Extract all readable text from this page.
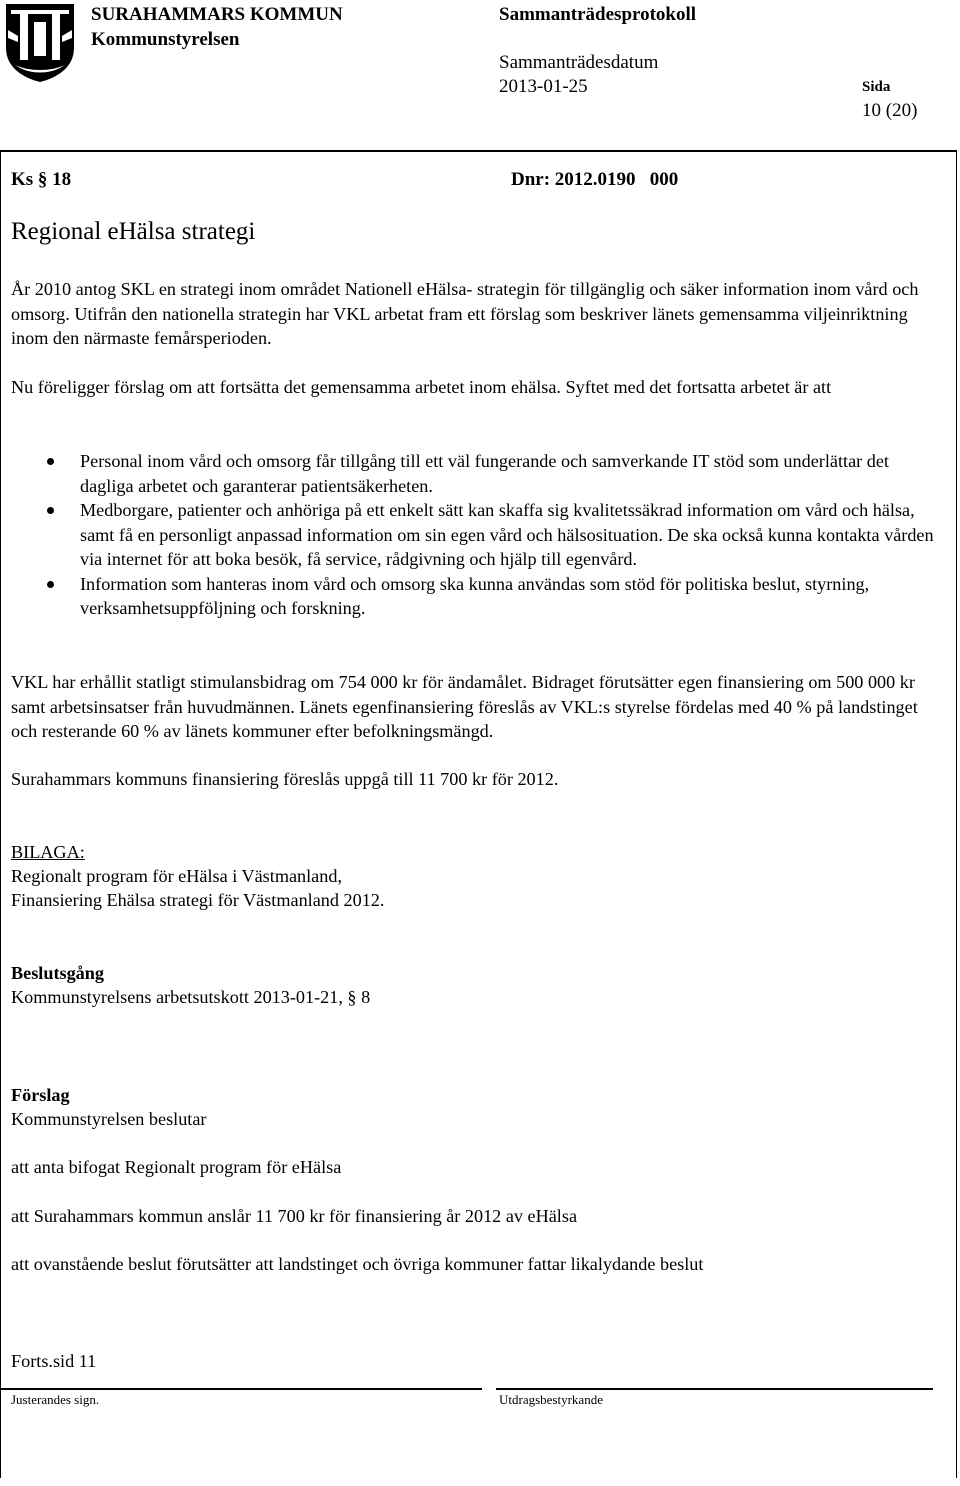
SURAHAMMARS KOMMUN
Kommunstyrelsen
Sammanträdesprotokoll
Sammanträdesdatum
2013-01-25	Sida
10 (20)
Ks § 18	Dnr: 2012.0190   000
Regional eHälsa strategi

År 2010 antog SKL en strategi inom området Nationell eHälsa- strategin för tillgänglig och säker information inom vård och omsorg. Utifrån den nationella strategin har VKL arbetat fram ett förslag som beskriver länets gemensamma viljeinriktning inom den närmaste femårsperioden.

Nu föreligger förslag om att fortsätta det gemensamma arbetet inom ehälsa. Syftet med det fortsatta arbetet är att

Personal inom vård och omsorg får tillgång till ett väl fungerande och samverkande IT stöd som underlättar det dagliga arbetet och garanterar patientsäkerheten.
Medborgare, patienter och anhöriga på ett enkelt sätt kan skaffa sig kvalitetssäkrad information om vård och hälsa, samt få en personligt anpassad information om sin egen vård och hälsosituation. De ska också kunna kontakta vården via internet för att boka besök, få service, rådgivning och hjälp till egenvård.
Information som hanteras inom vård och omsorg ska kunna användas som stöd för politiska beslut, styrning, verksamhetsuppföljning och forskning.

VKL har erhållit statligt stimulansbidrag om 754 000 kr för ändamålet. Bidraget förutsätter egen finansiering om 500 000 kr samt arbetsinsatser från huvudmännen. Länets egenfinansiering föreslås av VKL:s styrelse fördelas med 40 % på landstinget och resterande 60 % av länets kommuner efter befolkningsmängd.

Surahammars kommuns finansiering föreslås uppgå till 11 700 kr för 2012.

BILAGA:
Regionalt program för eHälsa i Västmanland,
Finansiering Ehälsa strategi för Västmanland 2012.
Beslutsgång
Kommunstyrelsens arbetsutskott 2013-01-21, § 8
Förslag
Kommunstyrelsen beslutar
att anta bifogat Regionalt program för eHälsa
att Surahammars kommun anslår 11 700 kr för finansiering år 2012 av eHälsa
att ovanstående beslut förutsätter att landstinget och övriga kommuner fattar likalydande beslut
Forts.sid 11
Justerandes sign.	Utdragsbestyrkande
